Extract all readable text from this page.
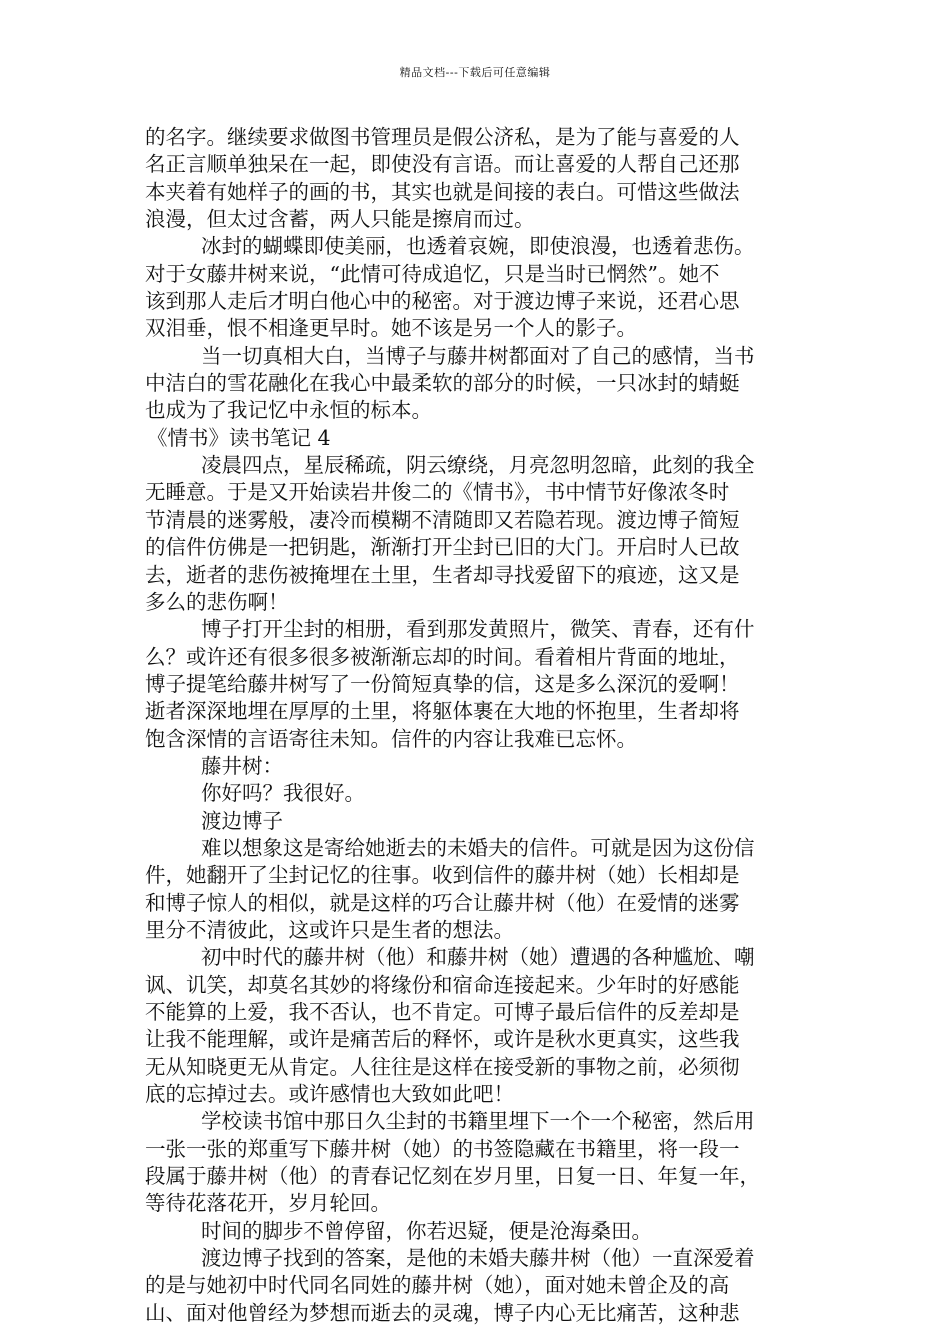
精品文档---下载后可任意编辑
的名字。继续要求做图书管理员是假公济私，是为了能与喜爱的人
名正言顺单独呆在一起，即使没有言语。而让喜爱的人帮自己还那
本夹着有她样子的画的书，其实也就是间接的表白。可惜这些做法
浪漫，但太过含蓄，两人只能是擦肩而过。
冰封的蝴蝶即使美丽，也透着哀婉，即使浪漫，也透着悲伤。
对于女藤井树来说，“此情可待成追忆，只是当时已惘然”。她不
该到那人走后才明白他心中的秘密。对于渡边博子来说，还君心思
双泪垂，恨不相逢更早时。她不该是另一个人的影子。
当一切真相大白，当博子与藤井树都面对了自己的感情，当书
中洁白的雪花融化在我心中最柔软的部分的时候，一只冰封的蜻蜓
也成为了我记忆中永恒的标本。
《情书》读书笔记 4
凌晨四点，星辰稀疏，阴云缭绕，月亮忽明忽暗，此刻的我全
无睡意。于是又开始读岩井俊二的《情书》，书中情节好像浓冬时
节清晨的迷雾般，凄冷而模糊不清随即又若隐若现。渡边博子简短
的信件仿佛是一把钥匙，渐渐打开尘封已旧的大门。开启时人已故
去，逝者的悲伤被掩埋在土里，生者却寻找爱留下的痕迹，这又是
多么的悲伤啊！
博子打开尘封的相册，看到那发黄照片，微笑、青春，还有什
么？或许还有很多很多被渐渐忘却的时间。看着相片背面的地址，
博子提笔给藤井树写了一份简短真挚的信，这是多么深沉的爱啊！
逝者深深地埋在厚厚的土里，将躯体裹在大地的怀抱里，生者却将
饱含深情的言语寄往未知。信件的内容让我难已忘怀。
藤井树：
你好吗？我很好。
渡边博子
难以想象这是寄给她逝去的未婚夫的信件。可就是因为这份信
件，她翻开了尘封记忆的往事。收到信件的藤井树（她）长相却是
和博子惊人的相似，就是这样的巧合让藤井树（他）在爱情的迷雾
里分不清彼此，这或许只是生者的想法。
初中时代的藤井树（他）和藤井树（她）遭遇的各种尴尬、嘲
讽、讥笑，却莫名其妙的将缘份和宿命连接起来。少年时的好感能
不能算的上爱，我不否认，也不肯定。可博子最后信件的反差却是
让我不能理解，或许是痛苦后的释怀，或许是秋水更真实，这些我
无从知晓更无从肯定。人往往是这样在接受新的事物之前，必须彻
底的忘掉过去。或许感情也大致如此吧！
学校读书馆中那日久尘封的书籍里埋下一个一个秘密，然后用
一张一张的郑重写下藤井树（她）的书签隐藏在书籍里，将一段一
段属于藤井树（他）的青春记忆刻在岁月里，日复一日、年复一年，
等待花落花开，岁月轮回。
时间的脚步不曾停留，你若迟疑，便是沧海桑田。
渡边博子找到的答案，是他的未婚夫藤井树（他）一直深爱着
的是与她初中时代同名同姓的藤井树（她），面对她未曾企及的高
山、面对他曾经为梦想而逝去的灵魂，博子内心无比痛苦，这种悲
